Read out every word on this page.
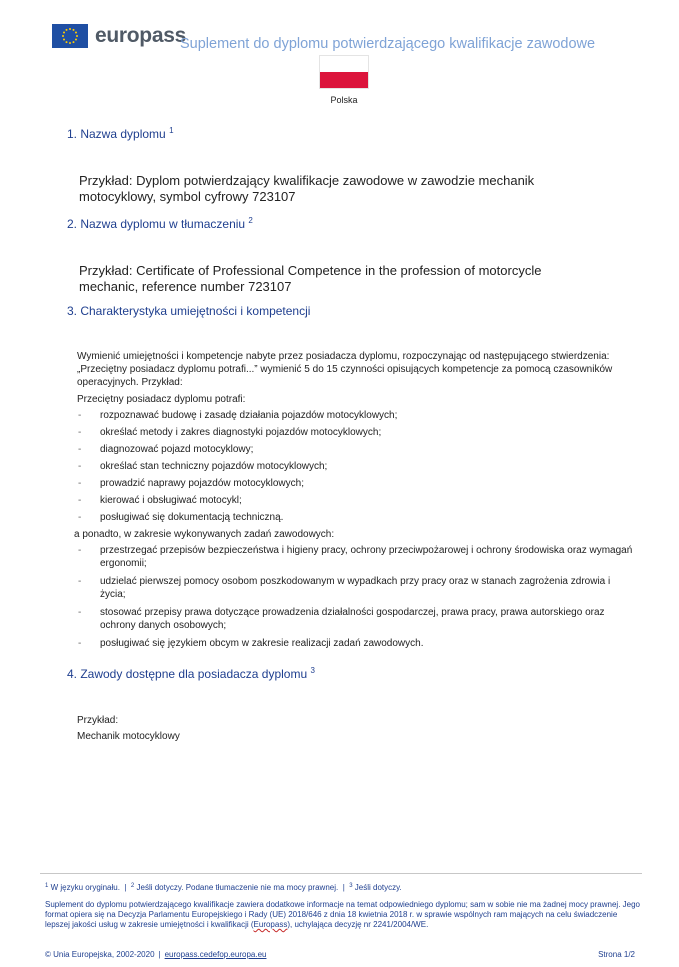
europass
Suplement do dyplomu potwierdzającego kwalifikacje zawodowe
Polska
1. Nazwa dyplomu $^1$
Przykład: Dyplom potwierdzający kwalifikacje zawodowe w zawodzie mechanik motocyklowy, symbol cyfrowy 723107
2. Nazwa dyplomu w tłumaczeniu $^2$
Przykład: Certificate of Professional Competence in the profession of motorcycle mechanic, reference number 723107
3. Charakterystyka umiejętności i kompetencji

Wymienić umiejętności i kompetencje nabyte przez posiadacza dyplomu, rozpoczynając od następującego stwierdzenia: „Przeciętny posiadacz dyplomu potrafi...” wymienić 5 do 15 czynności opisujących kompetencje za pomocą czasowników operacyjnych. Przykład:

Przeciętny posiadacz dyplomu potrafi:

- rozpoznawać budowę i zasadę działania pojazdów motocyklowych;
- określać metody i zakres diagnostyki pojazdów motocyklowych;
- diagnozować pojazd motocyklowy;
- określać stan techniczny pojazdów motocyklowych;
- prowadzić naprawy pojazdów motocyklowych;
- kierować i obsługiwać motocykl;
- posługiwać się dokumentacją techniczną.

a ponadto, w zakresie wykonywanych zadań zawodowych:

- przestrzegać przepisów bezpieczeństwa i higieny pracy, ochrony przeciwpożarowej i ochrony środowiska oraz wymagań ergonomii;
- udzielać pierwszej pomocy osobom poszkodowanym w wypadkach przy pracy oraz w stanach zagrożenia zdrowia i życia;
- stosować przepisy prawa dotyczące prowadzenia działalności gospodarczej, prawa pracy, prawa autorskiego oraz ochrony danych osobowych;
- posługiwać się językiem obcym w zakresie realizacji zadań zawodowych.
4. Zawody dostępne dla posiadacza dyplomu $^3$
Przykład:
Mechanik motocyklowy
$^1$ W języku oryginału. | $^2$ Jeśli dotyczy. Podane tłumaczenie nie ma mocy prawnej. | $^3$ Jeśli dotyczy.
Suplement do dyplomu potwierdzającego kwalifikacje zawiera dodatkowe informacje na temat odpowiedniego dyplomu; sam w sobie nie ma żadnej mocy prawnej. Jego format opiera się na Decyzja Parlamentu Europejskiego i Rady (UE) 2018/646 z dnia 18 kwietnia 2018 r. w sprawie wspólnych ram mających na celu świadczenie lepszej jakości usług w zakresie umiejętności i kwalifikacji (Europass), uchylająca decyzję nr 2241/2004/WE.
© Unia Europejska, 2002-2020 | europass.cedefop.europa.eu	Strona 1/2
